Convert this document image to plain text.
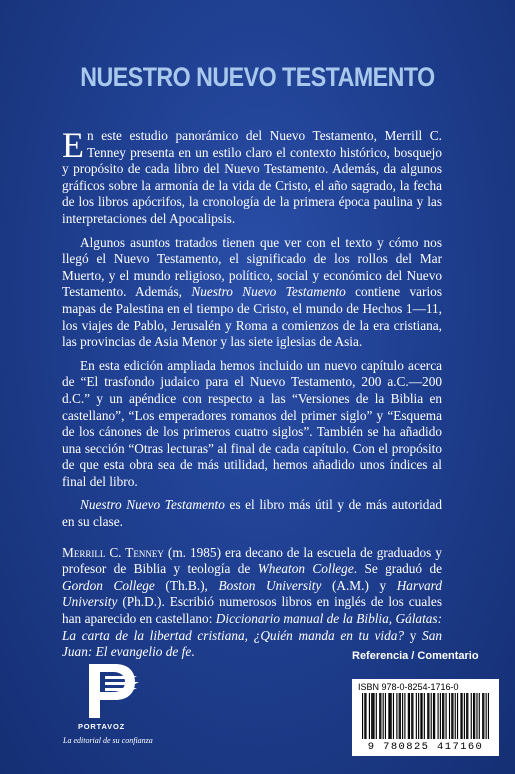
NUESTRO NUEVO TESTAMENTO

En este estudio panorámico del Nuevo Testamento, Merrill C. Tenney presenta en un estilo claro el contexto histórico, bosquejo y propósito de cada libro del Nuevo Testamento. Además, da algunos gráficos sobre la armonía de la vida de Cristo, el año sagrado, la fecha de los libros apócrifos, la cronología de la primera época paulina y las interpretaciones del Apocalipsis.

Algunos asuntos tratados tienen que ver con el texto y cómo nos llegó el Nuevo Testamento, el significado de los rollos del Mar Muerto, y el mundo religioso, político, social y económico del Nuevo Testamento. Además, Nuestro Nuevo Testamento contiene varios mapas de Palestina en el tiempo de Cristo, el mundo de Hechos 1—11, los viajes de Pablo, Jerusalén y Roma a comienzos de la era cristiana, las provincias de Asia Menor y las siete iglesias de Asia.

En esta edición ampliada hemos incluido un nuevo capítulo acerca de “El trasfondo judaico para el Nuevo Testamento, 200 a.C.—200 d.C.” y un apéndice con respecto a las “Versiones de la Biblia en castellano”, “Los emperadores romanos del primer siglo” y “Esquema de los cánones de los primeros cuatro siglos”. También se ha añadido una sección “Otras lecturas” al final de cada capítulo. Con el propósito de que esta obra sea de más utilidad, hemos añadido unos índices al final del libro.

Nuestro Nuevo Testamento es el libro más útil y de más autoridad en su clase.

Merrill C. Tenney (m. 1985) era decano de la escuela de graduados y profesor de Biblia y teología de Wheaton College. Se graduó de Gordon College (Th.B.), Boston University (A.M.) y Harvard University (Ph.D.). Escribió numerosos libros en inglés de los cuales han aparecido en castellano: Diccionario manual de la Biblia, Gálatas: La carta de la libertad cristiana, ¿Quién manda en tu vida? y San Juan: El evangelio de fe.

PORTAVOZ
La editorial de su confianza
Referencia / Comentario
ISBN 978-0-8254-1716-0
9 780825 417160
